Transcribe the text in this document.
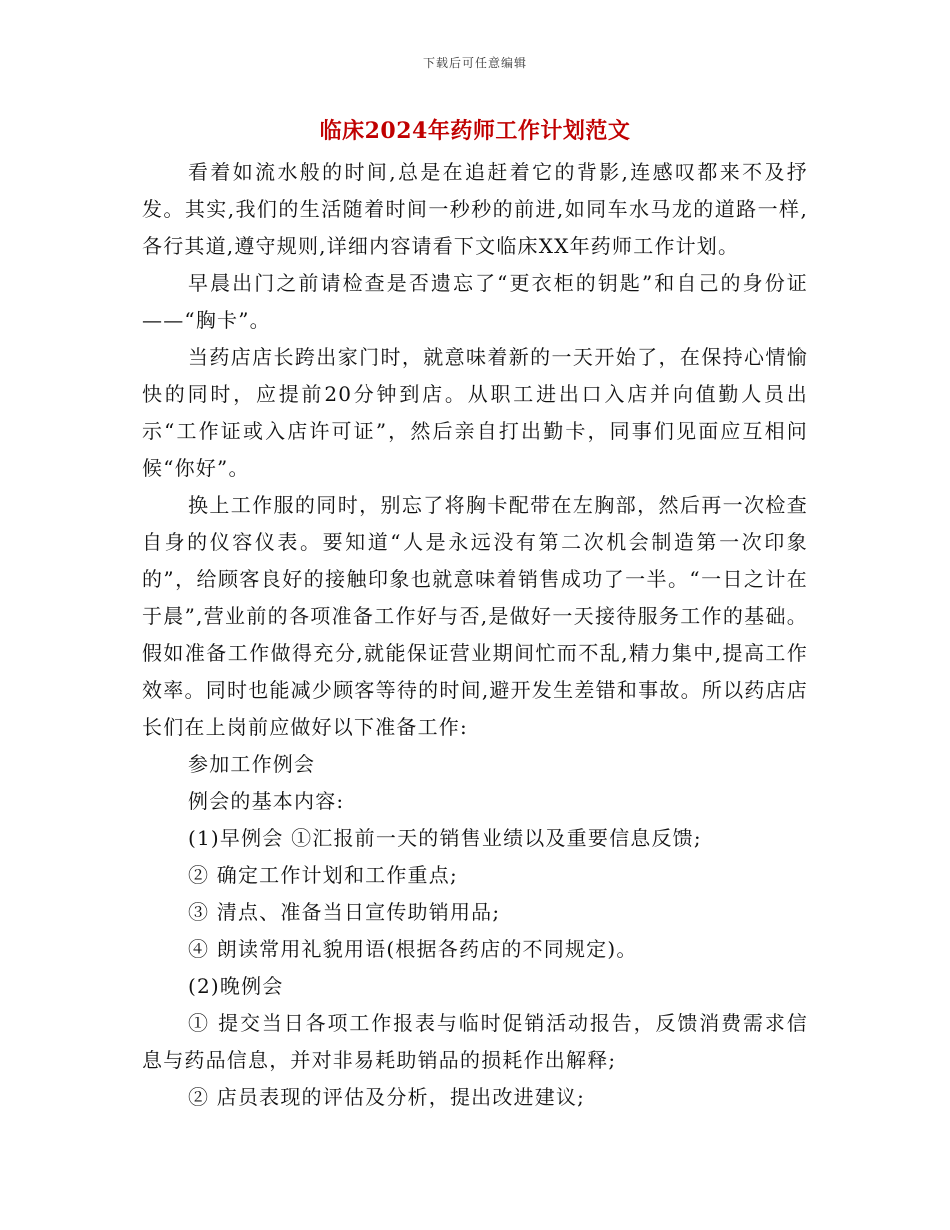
下载后可任意编辑
临床2024年药师工作计划范文

看着如流水般的时间,总是在追赶着它的背影,连感叹都来不及抒发。其实,我们的生活随着时间一秒秒的前进,如同车水马龙的道路一样,各行其道,遵守规则,详细内容请看下文临床XX年药师工作计划。

早晨出门之前请检查是否遗忘了“更衣柜的钥匙”和自己的身份证——“胸卡”。

当药店店长跨出家门时，就意味着新的一天开始了，在保持心情愉快的同时，应提前20分钟到店。从职工进出口入店并向值勤人员出示“工作证或入店许可证”，然后亲自打出勤卡，同事们见面应互相问候“你好”。

换上工作服的同时，别忘了将胸卡配带在左胸部，然后再一次检查自身的仪容仪表。要知道“人是永远没有第二次机会制造第一次印象的”，给顾客良好的接触印象也就意味着销售成功了一半。“一日之计在于晨”,营业前的各项准备工作好与否,是做好一天接待服务工作的基础。假如准备工作做得充分,就能保证营业期间忙而不乱,精力集中,提高工作效率。同时也能减少顾客等待的时间,避开发生差错和事故。所以药店店长们在上岗前应做好以下准备工作:

参加工作例会

例会的基本内容:

(1)早例会 ①汇报前一天的销售业绩以及重要信息反馈;

② 确定工作计划和工作重点;

③ 清点、准备当日宣传助销用品;

④ 朗读常用礼貌用语(根据各药店的不同规定)。

(2)晚例会

① 提交当日各项工作报表与临时促销活动报告，反馈消费需求信息与药品信息，并对非易耗助销品的损耗作出解释;

② 店员表现的评估及分析，提出改进建议;
